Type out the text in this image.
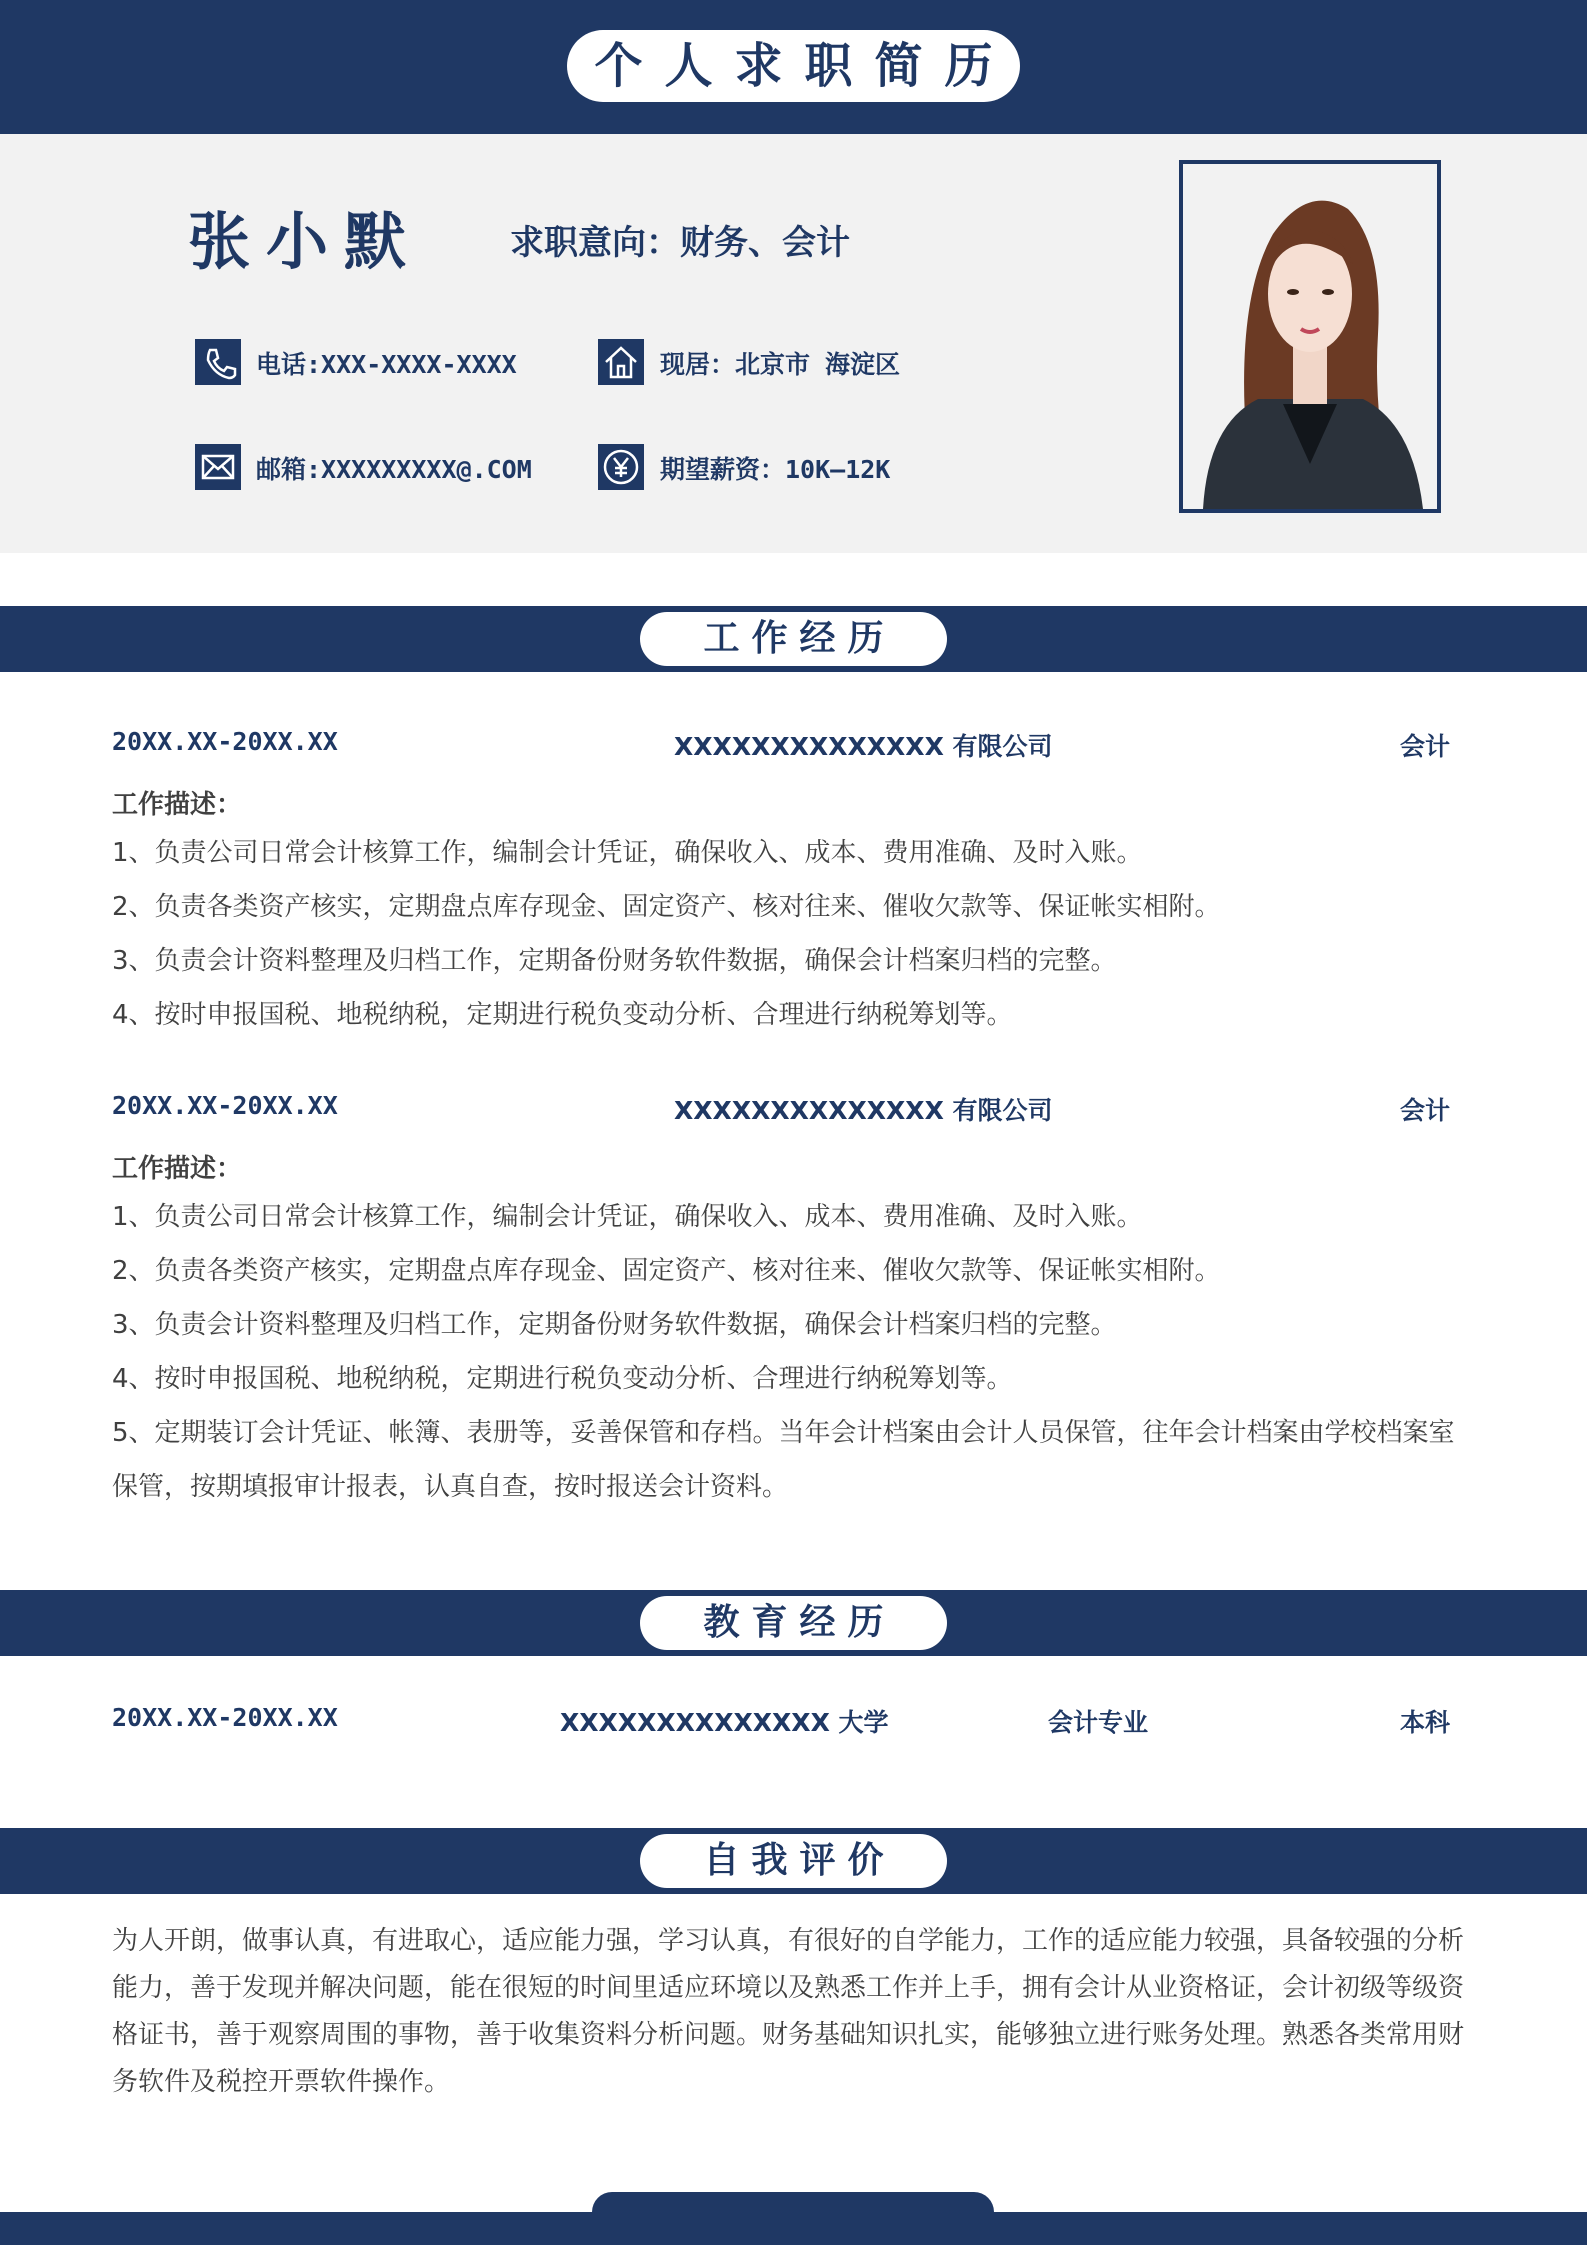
个人求职简历
张小默	求职意向：财务、会计
电话:XXX-XXXX-XXXX	现居：北京市 海淀区
邮箱:XXXXXXXXX@.COM	期望薪资：10K—12K
工作经历
20XX.XX-20XX.XX	XXXXXXXXXXXXXX 有限公司	会计
工作描述：
1、负责公司日常会计核算工作，编制会计凭证，确保收入、成本、费用准确、及时入账。
2、负责各类资产核实，定期盘点库存现金、固定资产、核对往来、催收欠款等、保证帐实相附。
3、负责会计资料整理及归档工作，定期备份财务软件数据，确保会计档案归档的完整。
4、按时申报国税、地税纳税，定期进行税负变动分析、合理进行纳税筹划等。
20XX.XX-20XX.XX	XXXXXXXXXXXXXX 有限公司	会计
工作描述：
1、负责公司日常会计核算工作，编制会计凭证，确保收入、成本、费用准确、及时入账。
2、负责各类资产核实，定期盘点库存现金、固定资产、核对往来、催收欠款等、保证帐实相附。
3、负责会计资料整理及归档工作，定期备份财务软件数据，确保会计档案归档的完整。
4、按时申报国税、地税纳税，定期进行税负变动分析、合理进行纳税筹划等。
5、定期装订会计凭证、帐簿、表册等，妥善保管和存档。当年会计档案由会计人员保管，往年会计档案由学校档案室保管，按期填报审计报表，认真自查，按时报送会计资料。
教育经历
20XX.XX-20XX.XX	XXXXXXXXXXXXXX 大学	会计专业	本科
自我评价
为人开朗，做事认真，有进取心，适应能力强，学习认真，有很好的自学能力，工作的适应能力较强，具备较强的分析能力，善于发现并解决问题，能在很短的时间里适应环境以及熟悉工作并上手，拥有会计从业资格证，会计初级等级资格证书，善于观察周围的事物，善于收集资料分析问题。财务基础知识扎实，能够独立进行账务处理。熟悉各类常用财务软件及税控开票软件操作。
